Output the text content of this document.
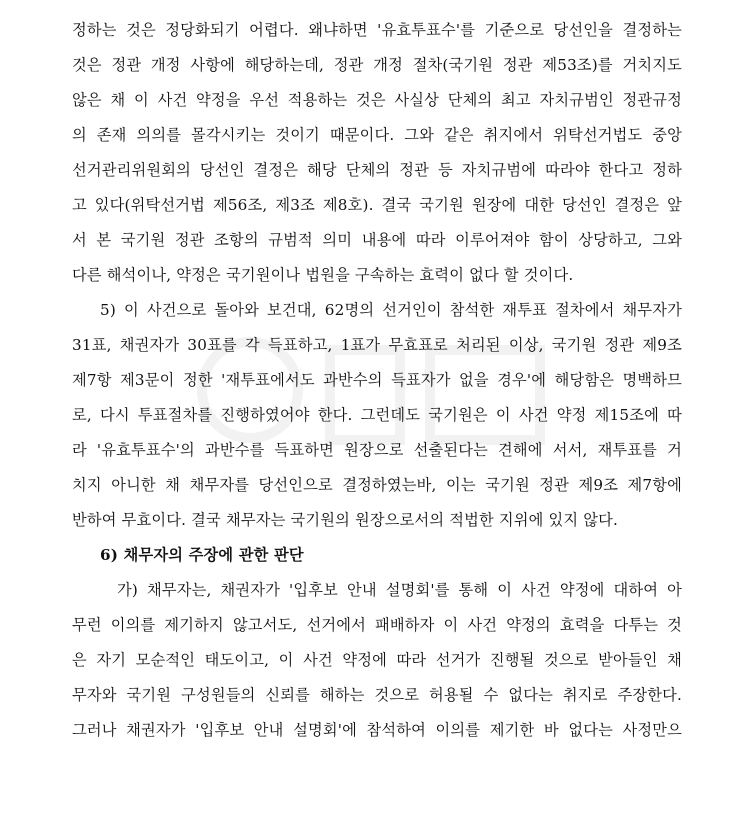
정하는 것은 정당화되기 어렵다. 왜냐하면 '유효투표수'를 기준으로 당선인을 결정하는
것은 정관 개정 사항에 해당하는데, 정관 개정 절차(국기원 정관 제53조)를 거치지도
않은 채 이 사건 약정을 우선 적용하는 것은 사실상 단체의 최고 자치규범인 정관규정
의 존재 의의를 몰각시키는 것이기 때문이다. 그와 같은 취지에서 위탁선거법도 중앙
선거관리위원회의 당선인 결정은 해당 단체의 정관 등 자치규범에 따라야 한다고 정하
고 있다(위탁선거법 제56조, 제3조 제8호). 결국 국기원 원장에 대한 당선인 결정은 앞
서 본 국기원 정관 조항의 규범적 의미 내용에 따라 이루어져야 함이 상당하고, 그와
다른 해석이나, 약정은 국기원이나 법원을 구속하는 효력이 없다 할 것이다.
5) 이 사건으로 돌아와 보건대, 62명의 선거인이 참석한 재투표 절차에서 채무자가
31표, 채권자가 30표를 각 득표하고, 1표가 무효표로 처리된 이상, 국기원 정관 제9조
제7항 제3문이 정한 '재투표에서도 과반수의 득표자가 없을 경우'에 해당함은 명백하므
로, 다시 투표절차를 진행하였어야 한다. 그런데도 국기원은 이 사건 약정 제15조에 따
라 '유효투표수'의 과반수를 득표하면 원장으로 선출된다는 견해에 서서, 재투표를 거
치지 아니한 채 채무자를 당선인으로 결정하였는바, 이는 국기원 정관 제9조 제7항에
반하여 무효이다. 결국 채무자는 국기원의 원장으로서의 적법한 지위에 있지 않다.
6) 채무자의 주장에 관한 판단
가) 채무자는, 채권자가 '입후보 안내 설명회'를 통해 이 사건 약정에 대하여 아
무런 이의를 제기하지 않고서도, 선거에서 패배하자 이 사건 약정의 효력을 다투는 것
은 자기 모순적인 태도이고, 이 사건 약정에 따라 선거가 진행될 것으로 받아들인 채
무자와 국기원 구성원들의 신뢰를 해하는 것으로 허용될 수 없다는 취지로 주장한다.
그러나 채권자가 '입후보 안내 설명회'에 참석하여 이의를 제기한 바 없다는 사정만으
